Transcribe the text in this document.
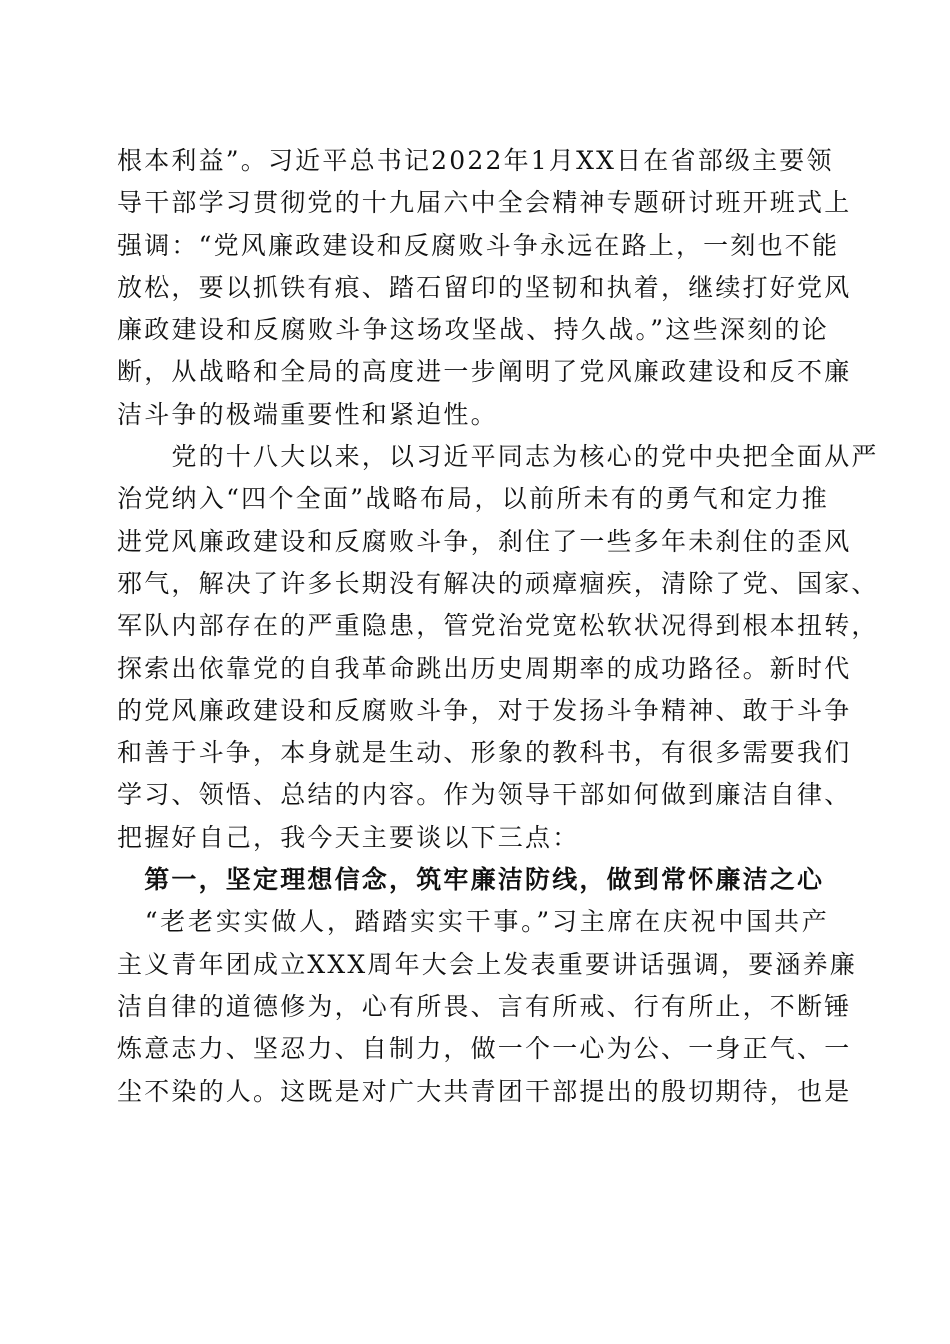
根本利益”。习近平总书记2022年1月XX日在省部级主要领
导干部学习贯彻党的十九届六中全会精神专题研讨班开班式上
强调：“党风廉政建设和反腐败斗争永远在路上，一刻也不能
放松，要以抓铁有痕、踏石留印的坚韧和执着，继续打好党风
廉政建设和反腐败斗争这场攻坚战、持久战。”这些深刻的论
断，从战略和全局的高度进一步阐明了党风廉政建设和反不廉
洁斗争的极端重要性和紧迫性。
　　党的十八大以来，以习近平同志为核心的党中央把全面从严
治党纳入“四个全面”战略布局，以前所未有的勇气和定力推
进党风廉政建设和反腐败斗争，刹住了一些多年未刹住的歪风
邪气，解决了许多长期没有解决的顽瘴痼疾，清除了党、国家、
军队内部存在的严重隐患，管党治党宽松软状况得到根本扭转，
探索出依靠党的自我革命跳出历史周期率的成功路径。新时代
的党风廉政建设和反腐败斗争，对于发扬斗争精神、敢于斗争
和善于斗争，本身就是生动、形象的教科书，有很多需要我们
学习、领悟、总结的内容。作为领导干部如何做到廉洁自律、
把握好自己，我今天主要谈以下三点：
　第一，坚定理想信念，筑牢廉洁防线，做到常怀廉洁之心
　“老老实实做人，踏踏实实干事。”习主席在庆祝中国共产
主义青年团成立XXX周年大会上发表重要讲话强调，要涵养廉
洁自律的道德修为，心有所畏、言有所戒、行有所止，不断锤
炼意志力、坚忍力、自制力，做一个一心为公、一身正气、一
尘不染的人。这既是对广大共青团干部提出的殷切期待，也是
